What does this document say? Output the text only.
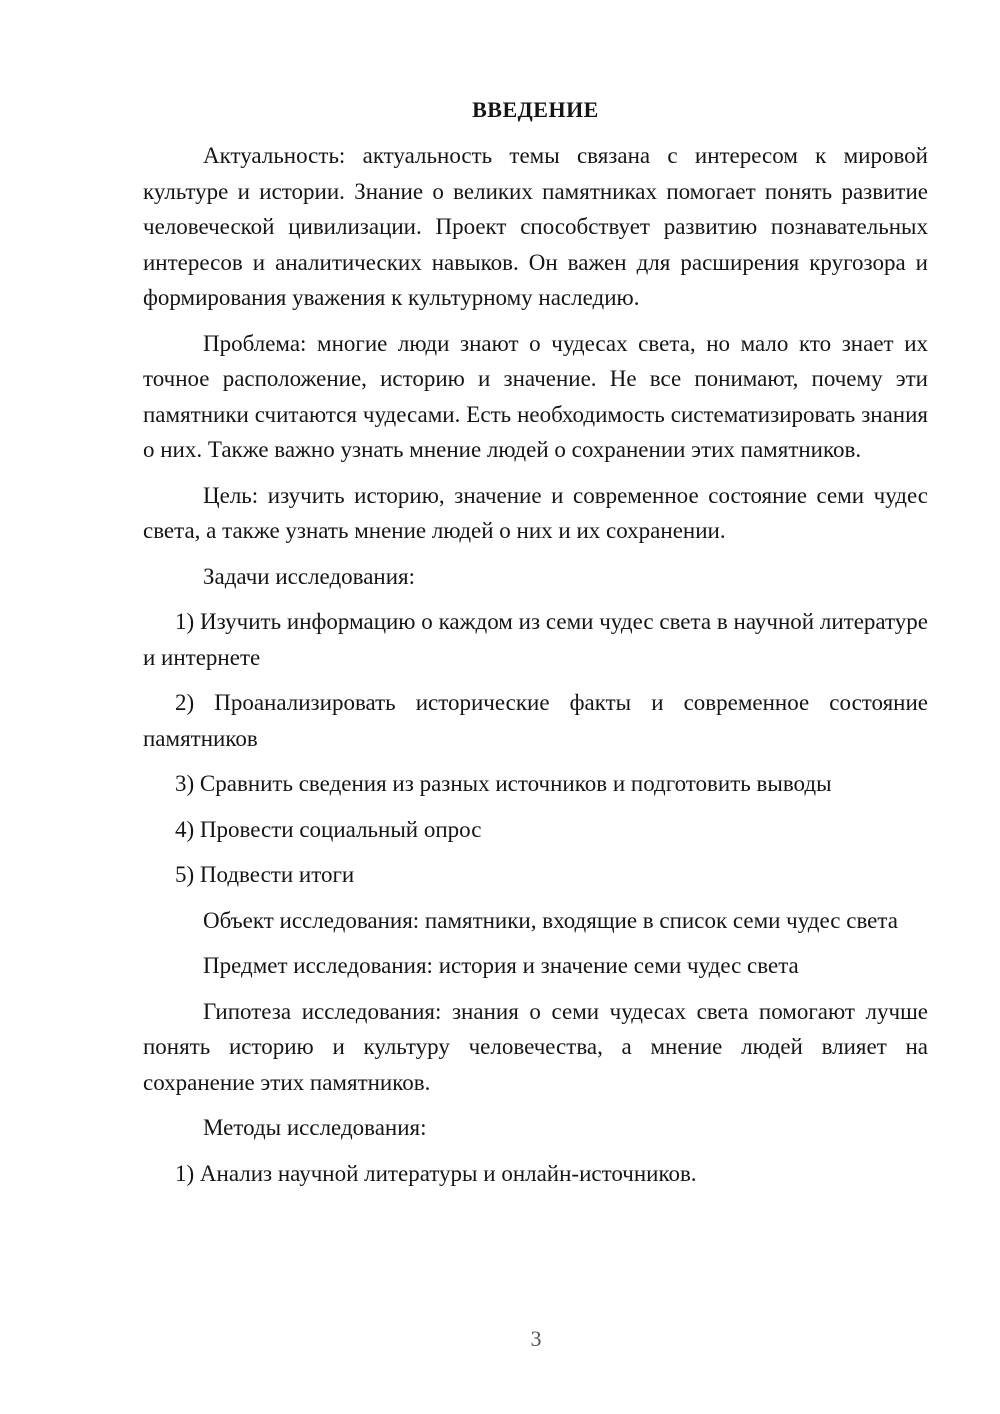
ВВЕДЕНИЕ

Актуальность: актуальность темы связана с интересом к мировой культуре и истории. Знание о великих памятниках помогает понять развитие человеческой цивилизации. Проект способствует развитию познавательных интересов и аналитических навыков. Он важен для расширения кругозора и формирования уважения к культурному наследию.

Проблема: многие люди знают о чудесах света, но мало кто знает их точное расположение, историю и значение. Не все понимают, почему эти памятники считаются чудесами. Есть необходимость систематизировать знания о них. Также важно узнать мнение людей о сохранении этих памятников.

Цель: изучить историю, значение и современное состояние семи чудес света, а также узнать мнение людей о них и их сохранении.

Задачи исследования:

1) Изучить информацию о каждом из семи чудес света в научной литературе и интернете

2) Проанализировать исторические факты и современное состояние памятников

3) Сравнить сведения из разных источников и подготовить выводы

4) Провести социальный опрос

5) Подвести итоги

Объект исследования: памятники, входящие в список семи чудес света

Предмет исследования: история и значение семи чудес света

Гипотеза исследования: знания о семи чудесах света помогают лучше понять историю и культуру человечества, а мнение людей влияет на сохранение этих памятников.

Методы исследования:

1) Анализ научной литературы и онлайн-источников.

3
